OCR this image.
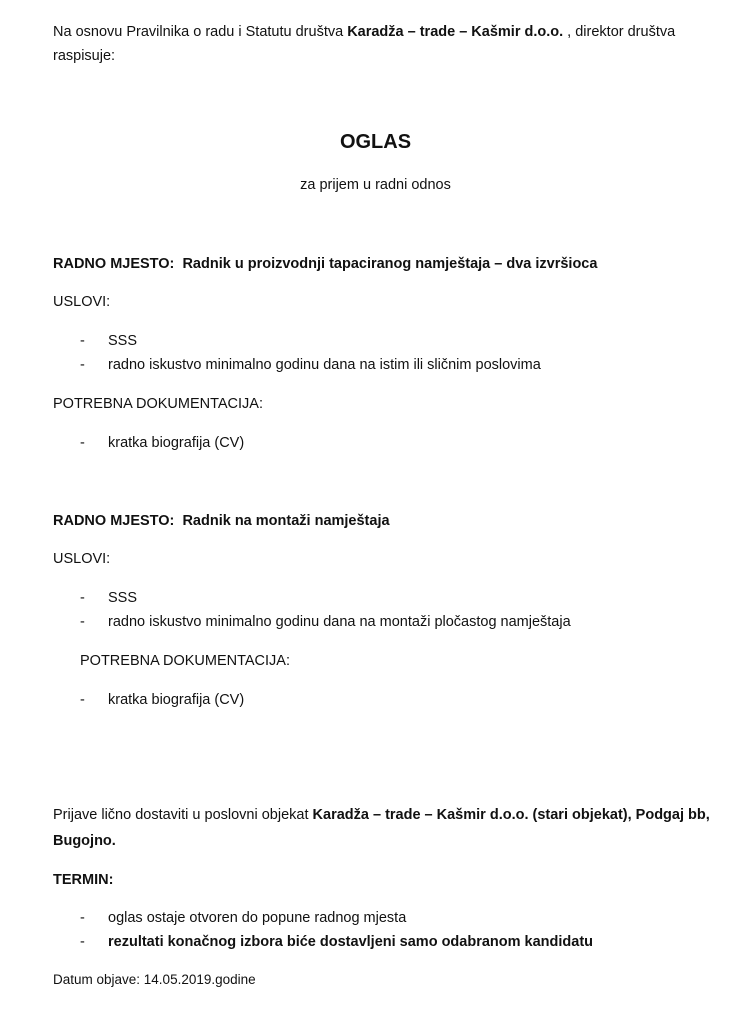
Na osnovu Pravilnika o radu i Statutu društva Karadža – trade – Kašmir d.o.o. , direktor društva
raspisuje:
OGLAS
za prijem u radni odnos
RADNO MJESTO: Radnik u proizvodnji tapaciranog namještaja – dva izvršioca
USLOVI:
- SSS
- radno iskustvo minimalno godinu dana na istim ili sličnim poslovima
POTREBNA DOKUMENTACIJA:
- kratka biografija (CV)
RADNO MJESTO: Radnik na montaži namještaja
USLOVI:
- SSS
- radno iskustvo minimalno godinu dana na montaži pločastog namještaja
POTREBNA DOKUMENTACIJA:
- kratka biografija (CV)
Prijave lično dostaviti u poslovni objekat Karadža – trade – Kašmir d.o.o. (stari objekat), Podgaj bb,
Bugojno.
TERMIN:
- oglas ostaje otvoren do popune radnog mjesta
- rezultati konačnog izbora biće dostavljeni samo odabranom kandidatu
Datum objave: 14.05.2019.godine
